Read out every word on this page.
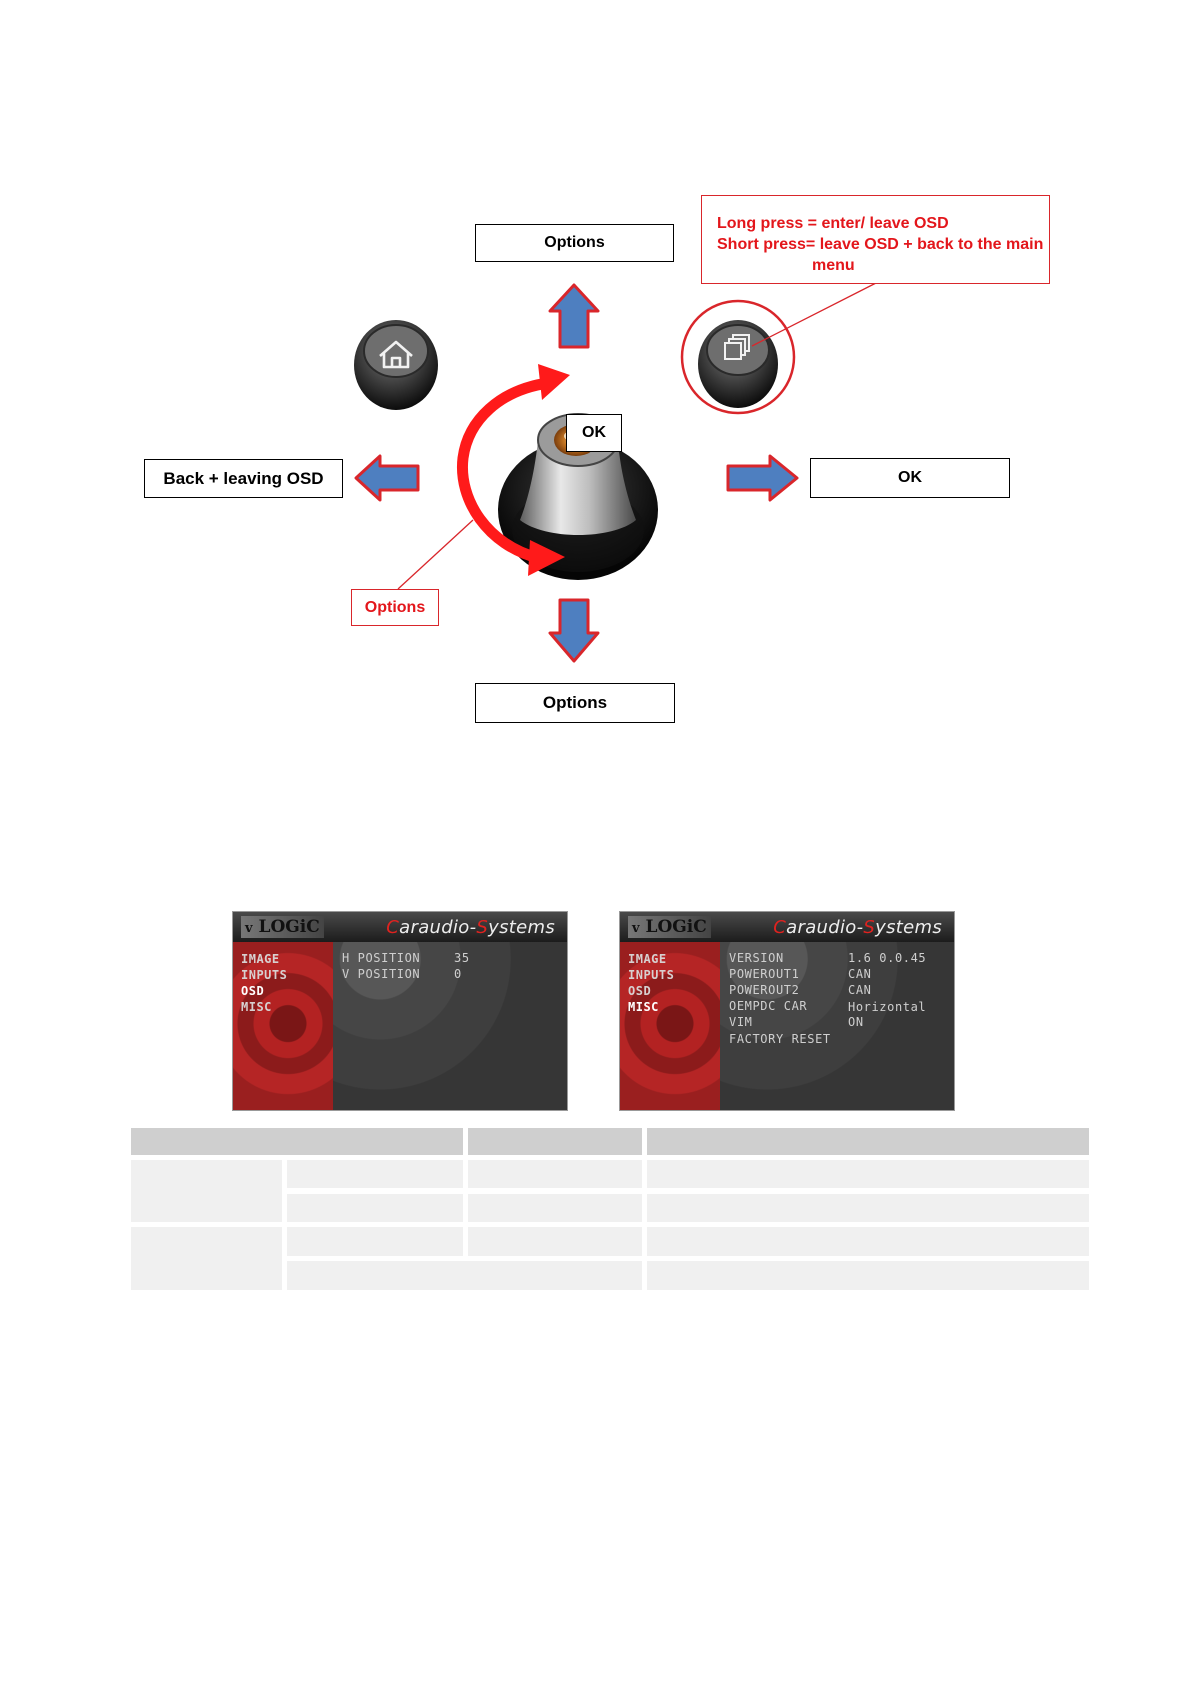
Options
Long press = enter/ leave OSD
Short press= leave OSD + back to the main
menu
OK
Back + leaving OSD	OK
Options
Options
v LOGiC	Caraudio-Systems
IMAGE
INPUTS
OSD
MISC
H POSITION	35
V POSITION	0
v LOGiC	Caraudio-Systems
IMAGE
INPUTS
OSD
MISC
VERSION	1.6 0.0.45
POWEROUT1	CAN
POWEROUT2	CAN
OEMPDC CAR	Horizontal
VIM	ON
FACTORY RESET
